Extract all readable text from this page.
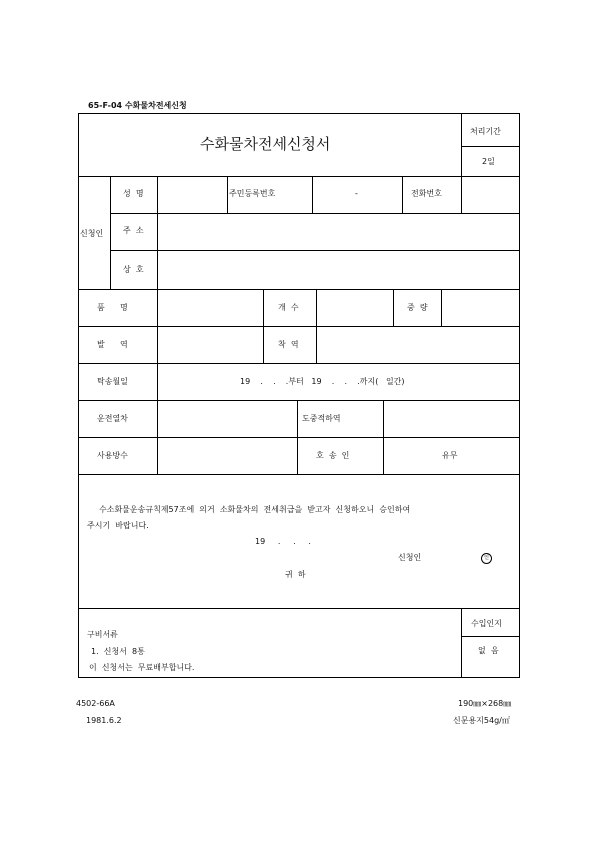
65-F-04 수화물차전세신청
수화물차전세신청서
처리기간
2일
신청인
성  명	주민등록번호	-	전화번호
주  소
상  호
품      명	개  수	중  량
발      역	착  역
탁송월일	19    .    .    .부터   19    .    .    .까지(   일간)
운전열차	도중적하역
사용방수	호  송  인	유무
수소화물운송규칙제57조에  의거  소화물차의  전세취급을  받고자  신청하오니  승인하여
주시기  바랍니다.
19     .     .     .
신청인	인
귀  하
구비서류
1.  신청서  8통
이  신청서는  무료배부합니다.
수입인지
없  음
4502-66A
1981.6.2
190㎜×268㎜
신문용지54g/㎡
